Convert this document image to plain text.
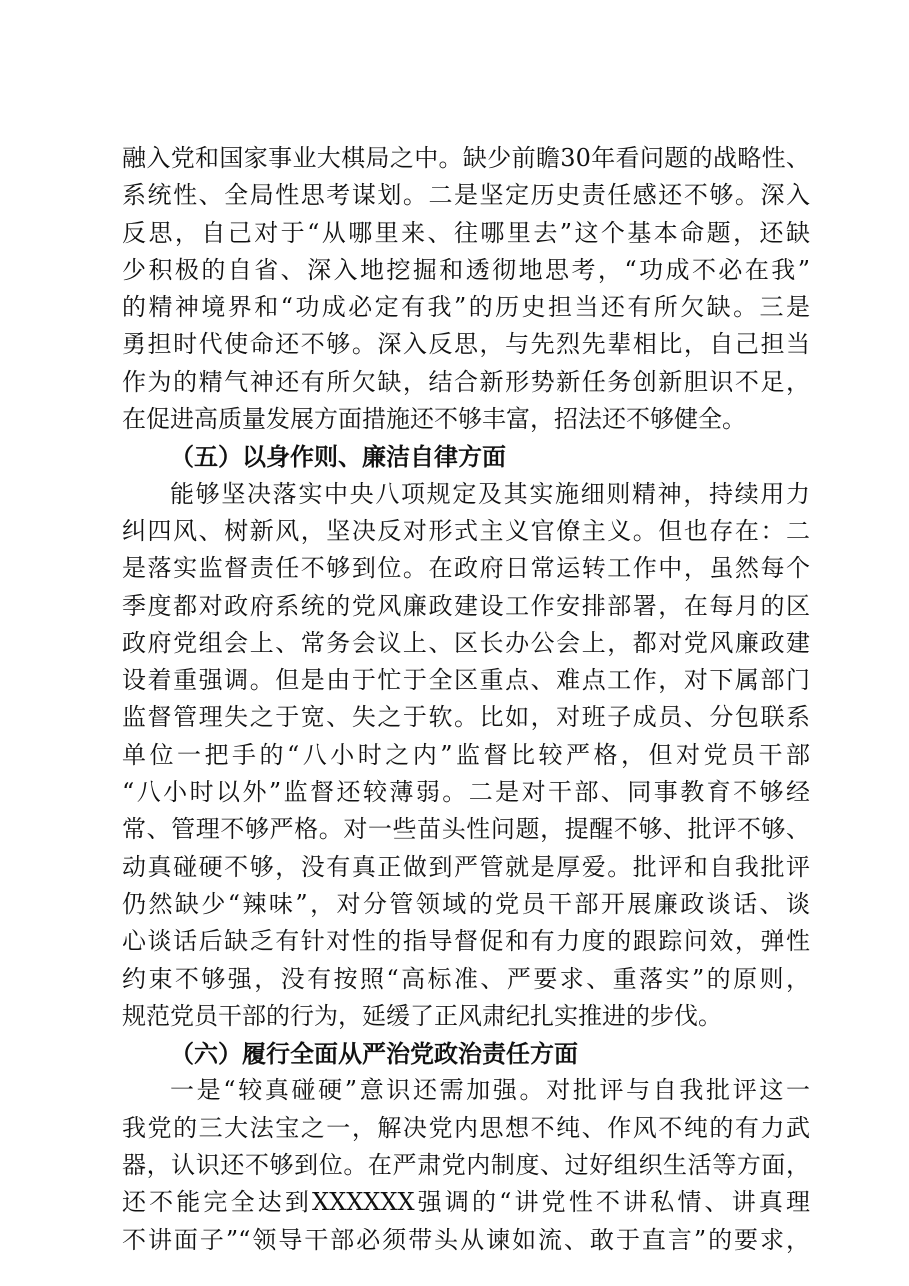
融入党和国家事业大棋局之中。缺少前瞻30年看问题的战略性、
系统性、全局性思考谋划。二是坚定历史责任感还不够。深入
反思，自己对于“从哪里来、往哪里去”这个基本命题，还缺
少积极的自省、深入地挖掘和透彻地思考，“功成不必在我”
的精神境界和“功成必定有我”的历史担当还有所欠缺。三是
勇担时代使命还不够。深入反思，与先烈先辈相比，自己担当
作为的精气神还有所欠缺，结合新形势新任务创新胆识不足，
在促进高质量发展方面措施还不够丰富，招法还不够健全。
（五）以身作则、廉洁自律方面
能够坚决落实中央八项规定及其实施细则精神，持续用力
纠四风、树新风，坚决反对形式主义官僚主义。但也存在：二
是落实监督责任不够到位。在政府日常运转工作中，虽然每个
季度都对政府系统的党风廉政建设工作安排部署，在每月的区
政府党组会上、常务会议上、区长办公会上，都对党风廉政建
设着重强调。但是由于忙于全区重点、难点工作，对下属部门
监督管理失之于宽、失之于软。比如，对班子成员、分包联系
单位一把手的“八小时之内”监督比较严格，但对党员干部
“八小时以外”监督还较薄弱。二是对干部、同事教育不够经
常、管理不够严格。对一些苗头性问题，提醒不够、批评不够、
动真碰硬不够，没有真正做到严管就是厚爱。批评和自我批评
仍然缺少“辣味”，对分管领域的党员干部开展廉政谈话、谈
心谈话后缺乏有针对性的指导督促和有力度的跟踪问效，弹性
约束不够强，没有按照“高标准、严要求、重落实”的原则，
规范党员干部的行为，延缓了正风肃纪扎实推进的步伐。
（六）履行全面从严治党政治责任方面
一是“较真碰硬”意识还需加强。对批评与自我批评这一
我党的三大法宝之一，解决党内思想不纯、作风不纯的有力武
器，认识还不够到位。在严肃党内制度、过好组织生活等方面，
还不能完全达到XXXXXX强调的“讲党性不讲私情、讲真理
不讲面子”“领导干部必须带头从谏如流、敢于直言”的要求，
